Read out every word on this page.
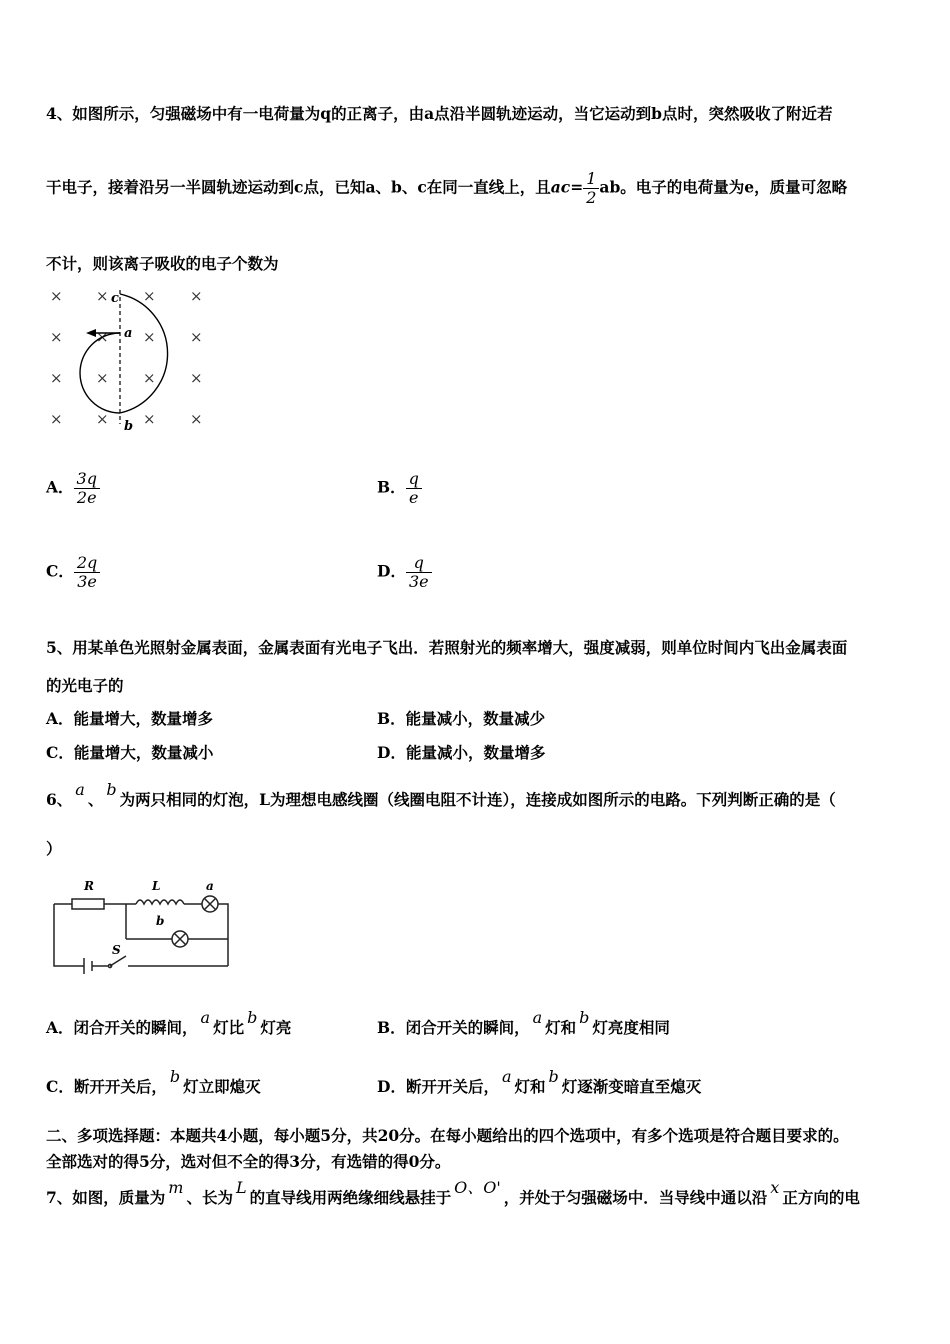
4、如图所示，匀强磁场中有一电荷量为q的正离子，由a点沿半圆轨迹运动，当它运动到b点时，突然吸收了附近若
干电子，接着沿另一半圆轨迹运动到c点，已知a、b、c在同一直线上，且$ac= \frac{1}{2}$ ab。电子的电荷量为e，质量可忽略
不计，则该离子吸收的电子个数为
× × × ×
× × × ×
× × × ×
× × × ×
c
a
b
A． $\frac{3q}{2e}$	B． $\frac{q}{e}$
C． $\frac{2q}{3e}$	D． $\frac{q}{3e}$
5、用某单色光照射金属表面，金属表面有光电子飞出．若照射光的频率增大，强度减弱，则单位时间内飞出金属表面
的光电子的
A．能量增大，数量增多	B．能量减小，数量减少
C．能量增大，数量减小	D．能量减小，数量增多
6、a、b为两只相同的灯泡，L为理想电感线圈（线圈电阻不计连），连接成如图所示的电路。下列判断正确的是（
）
R	L	a
b
S
A．闭合开关的瞬间，a灯比b灯亮	B．闭合开关的瞬间，a灯和b灯亮度相同
C．断开开关后，b灯立即熄灭	D．断开开关后，a灯和b灯逐渐变暗直至熄灭
二、多项选择题：本题共4小题，每小题5分，共20分。在每小题给出的四个选项中，有多个选项是符合题目要求的。
全部选对的得5分，选对但不全的得3分，有选错的得0分。
7、如图，质量为m、长为L的直导线用两绝缘细线悬挂于O、O'，并处于匀强磁场中．当导线中通以沿x正方向的电
